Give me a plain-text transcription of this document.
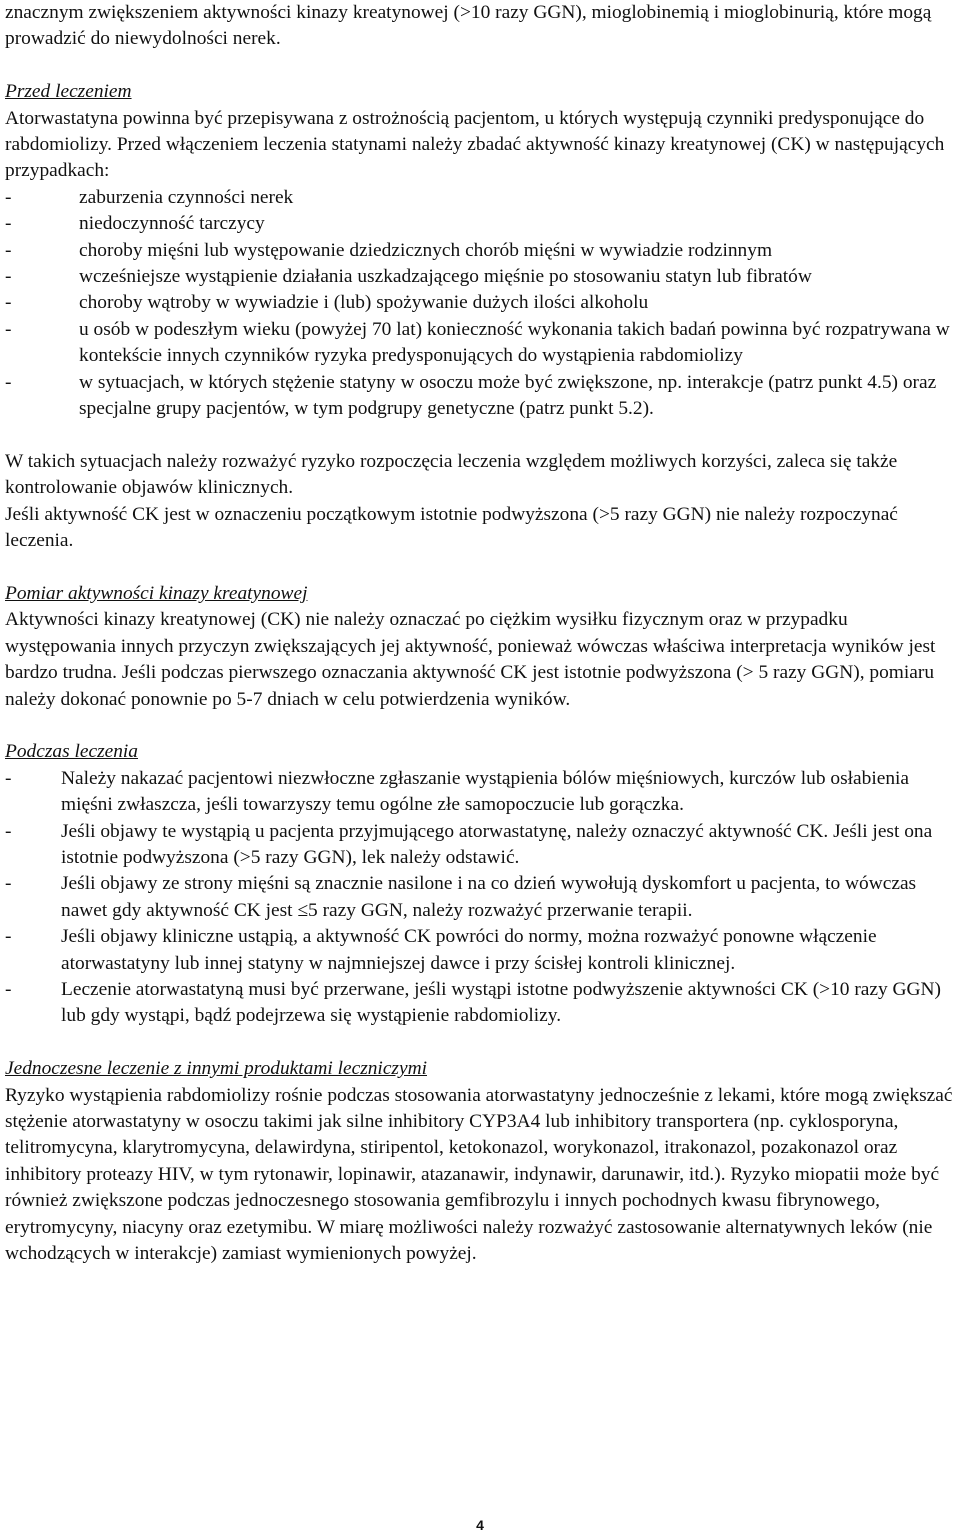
znacznym zwiększeniem aktywności kinazy kreatynowej (>10 razy GGN), mioglobinemią i mioglobinurią, które mogą prowadzić do niewydolności nerek.

Przed leczeniem

Atorwastatyna powinna być przepisywana z ostrożnością pacjentom, u których występują czynniki predysponujące do rabdomiolizy. Przed włączeniem leczenia statynami należy zbadać aktywność kinazy kreatynowej (CK) w następujących przypadkach:

-	zaburzenia czynności nerek
-	niedoczynność tarczycy
-	choroby mięśni lub występowanie dziedzicznych chorób mięśni w wywiadzie rodzinnym
-	wcześniejsze wystąpienie działania uszkadzającego mięśnie po stosowaniu statyn lub fibratów
-	choroby wątroby w wywiadzie i (lub) spożywanie dużych ilości alkoholu
-	u osób w podeszłym wieku (powyżej 70 lat) konieczność wykonania takich badań powinna być rozpatrywana w kontekście innych czynników ryzyka predysponujących do wystąpienia rabdomiolizy
-	w sytuacjach, w których stężenie statyny w osoczu może być zwiększone, np. interakcje (patrz punkt 4.5) oraz specjalne grupy pacjentów, w tym podgrupy genetyczne (patrz punkt 5.2).

W takich sytuacjach należy rozważyć ryzyko rozpoczęcia leczenia względem możliwych korzyści, zaleca się także kontrolowanie objawów klinicznych.

Jeśli aktywność CK jest w oznaczeniu początkowym istotnie podwyższona (>5 razy GGN) nie należy rozpoczynać leczenia.

Pomiar aktywności kinazy kreatynowej

Aktywności kinazy kreatynowej (CK) nie należy oznaczać po ciężkim wysiłku fizycznym oraz w przypadku występowania innych przyczyn zwiększających jej aktywność, ponieważ wówczas właściwa interpretacja wyników jest bardzo trudna. Jeśli podczas pierwszego oznaczania aktywność CK jest istotnie podwyższona (> 5 razy GGN), pomiaru należy dokonać ponownie po 5-7 dniach w celu potwierdzenia wyników.

Podczas leczenia

-	Należy nakazać pacjentowi niezwłoczne zgłaszanie wystąpienia bólów mięśniowych, kurczów lub osłabienia mięśni zwłaszcza, jeśli towarzyszy temu ogólne złe samopoczucie lub gorączka.
-	Jeśli objawy te wystąpią u pacjenta przyjmującego atorwastatynę, należy oznaczyć aktywność CK. Jeśli jest ona istotnie podwyższona (>5 razy GGN), lek należy odstawić.
-	Jeśli objawy ze strony mięśni są znacznie nasilone i na co dzień wywołują dyskomfort u pacjenta, to wówczas nawet gdy aktywność CK jest ≤5 razy GGN, należy rozważyć przerwanie terapii.
-	Jeśli objawy kliniczne ustąpią, a aktywność CK powróci do normy, można rozważyć ponowne włączenie atorwastatyny lub innej statyny w najmniejszej dawce i przy ścisłej kontroli klinicznej.
-	Leczenie atorwastatyną musi być przerwane, jeśli wystąpi istotne podwyższenie aktywności CK (>10 razy GGN) lub gdy wystąpi, bądź podejrzewa się wystąpienie rabdomiolizy.

Jednoczesne leczenie z innymi produktami leczniczymi

Ryzyko wystąpienia rabdomiolizy rośnie podczas stosowania atorwastatyny jednocześnie z lekami, które mogą zwiększać stężenie atorwastatyny w osoczu takimi jak silne inhibitory CYP3A4 lub inhibitory transportera (np. cyklosporyna, telitromycyna, klarytromycyna, delawirdyna, stiripentol, ketokonazol, worykonazol, itrakonazol, pozakonazol oraz inhibitory proteazy HIV, w tym rytonawir, lopinawir, atazanawir, indynawir, darunawir, itd.). Ryzyko miopatii może być również zwiększone podczas jednoczesnego stosowania gemfibrozylu i innych pochodnych kwasu fibrynowego, erytromycyny, niacyny oraz ezetymibu. W miarę możliwości należy rozważyć zastosowanie alternatywnych leków (nie wchodzących w interakcje) zamiast wymienionych powyżej.

4
